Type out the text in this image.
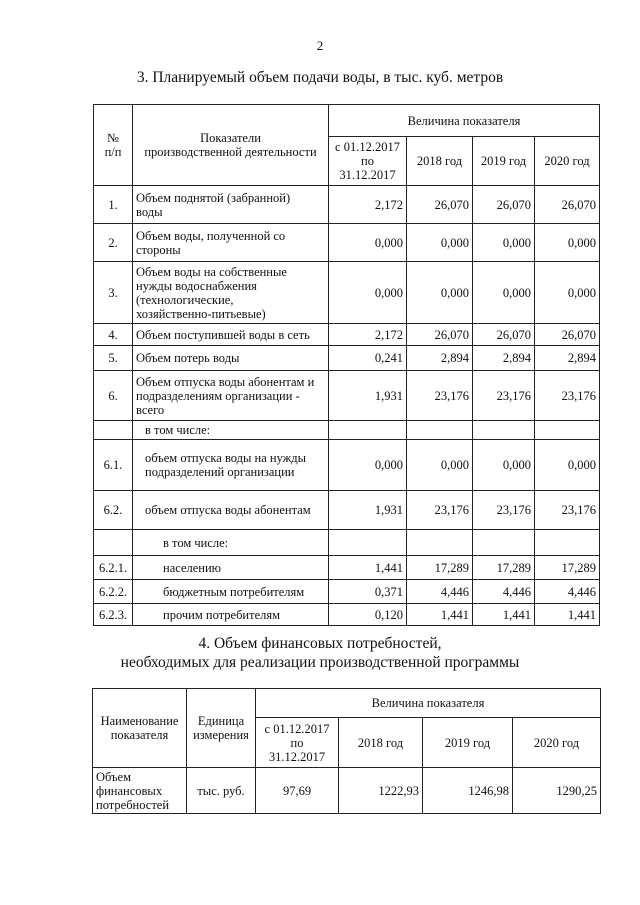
2
3. Планируемый объем подачи воды, в тыс. куб. метров
№
п/п	Показатели
производственной деятельности	Величина показателя			
		с 01.12.2017
по
31.12.2017	2018 год	2019 год	2020 год
1.	Объем поднятой (забранной)
воды	2,172	26,070	26,070	26,070
2.	Объем воды, полученной со
стороны	0,000	0,000	0,000	0,000
3.	Объем воды на собственные
нужды водоснабжения
(технологические,
хозяйственно-питьевые)	0,000	0,000	0,000	0,000
4.	Объем поступившей воды в сеть	2,172	26,070	26,070	26,070
5.	Объем потерь воды	0,241	2,894	2,894	2,894
6.	Объем отпуска воды абонентам и
подразделениям организации -
всего	1,931	23,176	23,176	23,176
	в том числе:				
6.1.	объем отпуска воды на нужды
подразделений организации	0,000	0,000	0,000	0,000
6.2.	объем отпуска воды абонентам	1,931	23,176	23,176	23,176
	в том числе:				
6.2.1.	населению	1,441	17,289	17,289	17,289
6.2.2.	бюджетным потребителям	0,371	4,446	4,446	4,446
6.2.3.	прочим потребителям	0,120	1,441	1,441	1,441
4. Объем финансовых потребностей,
необходимых для реализации производственной программы
Наименование
показателя	Единица
измерения	Величина показателя			
		с 01.12.2017
по
31.12.2017	2018 год	2019 год	2020 год
Объем
финансовых
потребностей	тыс. руб.	97,69	1222,93	1246,98	1290,25
